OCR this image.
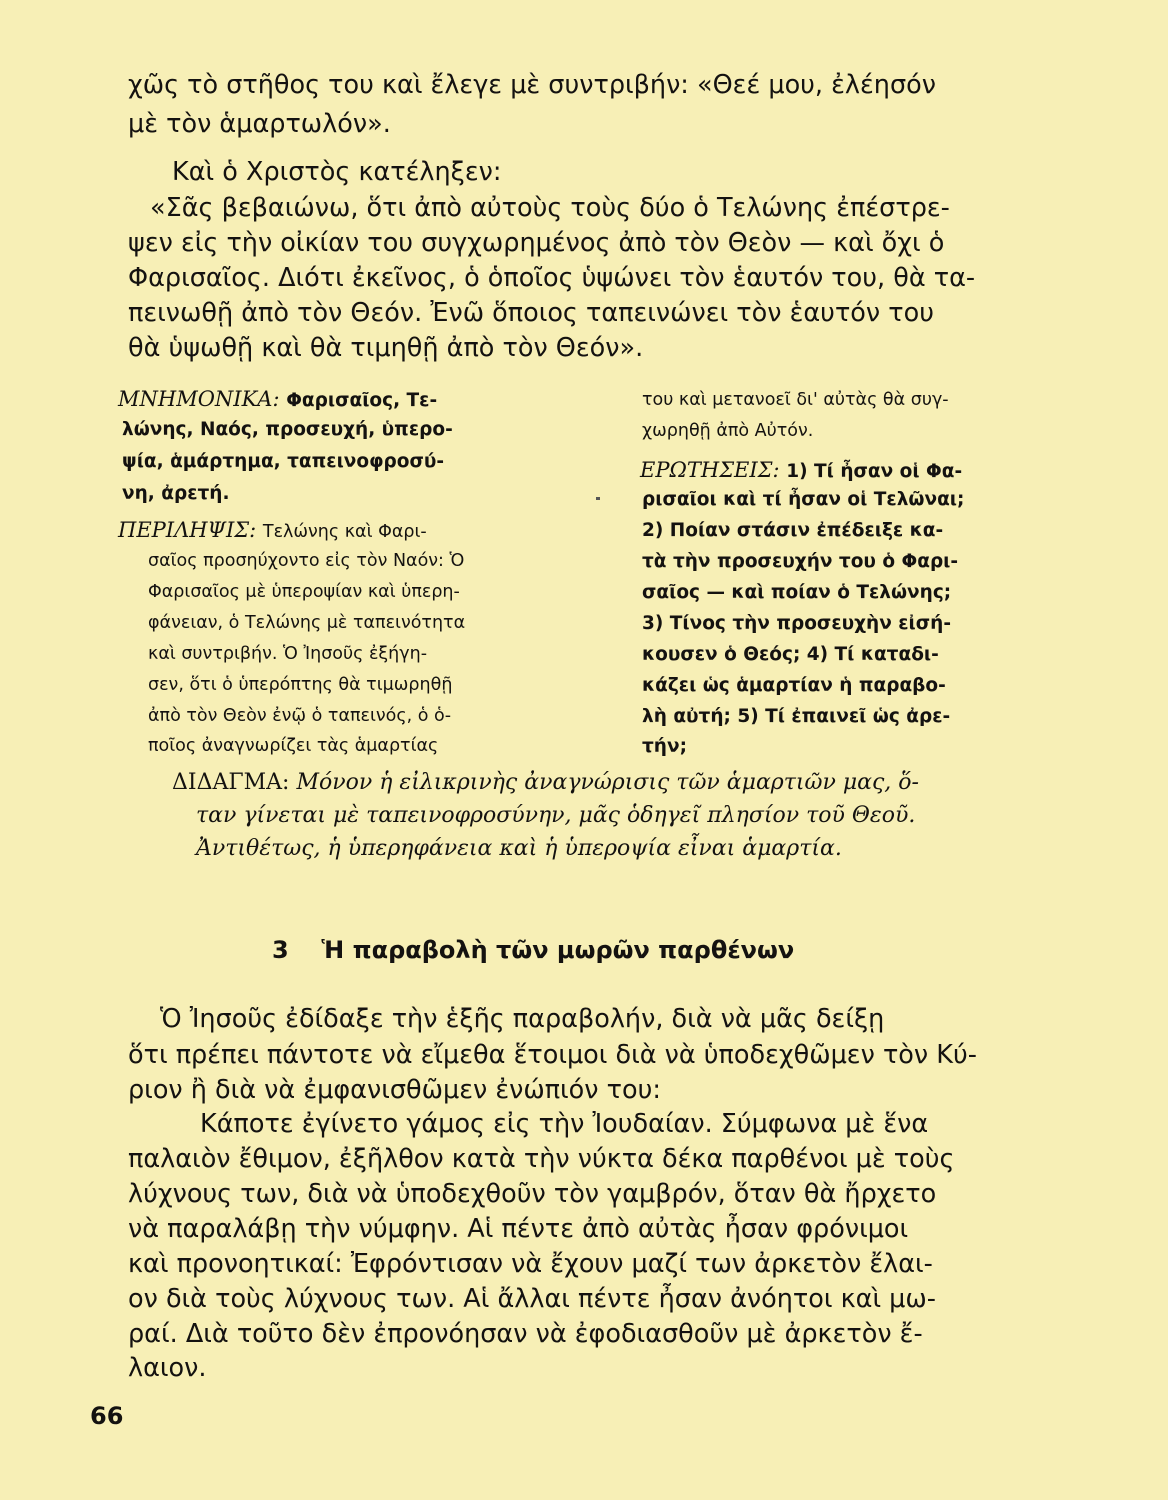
χῶς τὸ στῆθος του καὶ ἔλεγε μὲ συντριβήν: «Θεέ μου, ἐλέησόν
μὲ τὸν ἁμαρτωλόν».
Καὶ ὁ Χριστὸς κατέληξεν:
«Σᾶς βεβαιώνω, ὅτι ἀπὸ αὐτοὺς τοὺς δύο ὁ Τελώνης ἐπέστρε-
ψεν εἰς τὴν οἰκίαν του συγχωρημένος ἀπὸ τὸν Θεὸν — καὶ ὄχι ὁ
Φαρισαῖος. Διότι ἐκεῖνος, ὁ ὁποῖος ὑψώνει τὸν ἑαυτόν του, θὰ τα-
πεινωθῇ ἀπὸ τὸν Θεόν. Ἐνῶ ὅποιος ταπεινώνει τὸν ἑαυτόν του
θὰ ὑψωθῇ καὶ θὰ τιμηθῇ ἀπὸ τὸν Θεόν».
ΜΝΗΜΟΝΙΚΑ: Φαρισαῖος, Τε-
λώνης, Ναός, προσευχή, ὑπερο-
ψία, ἁμάρτημα, ταπεινοφροσύ-
νη, ἀρετή.
ΠΕΡΙΛΗΨΙΣ: Τελώνης καὶ Φαρι-
σαῖος προσηύχοντο εἰς τὸν Ναόν: Ὁ
Φαρισαῖος μὲ ὑπεροψίαν καὶ ὑπερη-
φάνειαν, ὁ Τελώνης μὲ ταπεινότητα
καὶ συντριβήν. Ὁ Ἰησοῦς ἐξήγη-
σεν, ὅτι ὁ ὑπερόπτης θὰ τιμωρηθῇ
ἀπὸ τὸν Θεὸν ἐνῷ ὁ ταπεινός, ὁ ὁ-
ποῖος ἀναγνωρίζει τὰς ἁμαρτίας
του καὶ μετανοεῖ δι' αὐτὰς θὰ συγ-
χωρηθῇ ἀπὸ Αὐτόν.
ΕΡΩΤΗΣΕΙΣ: 1) Τί ἦσαν οἱ Φα-
ρισαῖοι καὶ τί ἦσαν οἱ Τελῶναι;
2) Ποίαν στάσιν ἐπέδειξε κα-
τὰ τὴν προσευχήν του ὁ Φαρι-
σαῖος — καὶ ποίαν ὁ Τελώνης;
3) Τίνος τὴν προσευχὴν εἰσή-
κουσεν ὁ Θεός; 4) Τί καταδι-
κάζει ὡς ἁμαρτίαν ἡ παραβο-
λὴ αὐτή; 5) Τί ἐπαινεῖ ὡς ἀρε-
τήν;
ΔΙΔΑΓΜΑ: Μόνον ἡ εἰλικρινὴς ἀναγνώρισις τῶν ἁμαρτιῶν μας, ὅ-
ταν γίνεται μὲ ταπεινοφροσύνην, μᾶς ὁδηγεῖ πλησίον τοῦ Θεοῦ.
Ἀντιθέτως, ἡ ὑπερηφάνεια καὶ ἡ ὑπεροψία εἶναι ἁμαρτία.
3 Ἡ παραβολὴ τῶν μωρῶν παρθένων
Ὁ Ἰησοῦς ἐδίδαξε τὴν ἑξῆς παραβολήν, διὰ νὰ μᾶς δείξῃ
ὅτι πρέπει πάντοτε νὰ εἴμεθα ἕτοιμοι διὰ νὰ ὑποδεχθῶμεν τὸν Κύ-
ριον ἢ διὰ νὰ ἐμφανισθῶμεν ἐνώπιόν του:
Κάποτε ἐγίνετο γάμος εἰς τὴν Ἰουδαίαν. Σύμφωνα μὲ ἕνα
παλαιὸν ἔθιμον, ἐξῆλθον κατὰ τὴν νύκτα δέκα παρθένοι μὲ τοὺς
λύχνους των, διὰ νὰ ὑποδεχθοῦν τὸν γαμβρόν, ὅταν θὰ ἤρχετο
νὰ παραλάβῃ τὴν νύμφην. Αἱ πέντε ἀπὸ αὐτὰς ἦσαν φρόνιμοι
καὶ προνοητικαί: Ἐφρόντισαν νὰ ἔχουν μαζί των ἀρκετὸν ἔλαι-
ον διὰ τοὺς λύχνους των. Αἱ ἄλλαι πέντε ἦσαν ἀνόητοι καὶ μω-
ραί. Διὰ τοῦτο δὲν ἐπρονόησαν νὰ ἐφοδιασθοῦν μὲ ἀρκετὸν ἔ-
λαιον.
66
